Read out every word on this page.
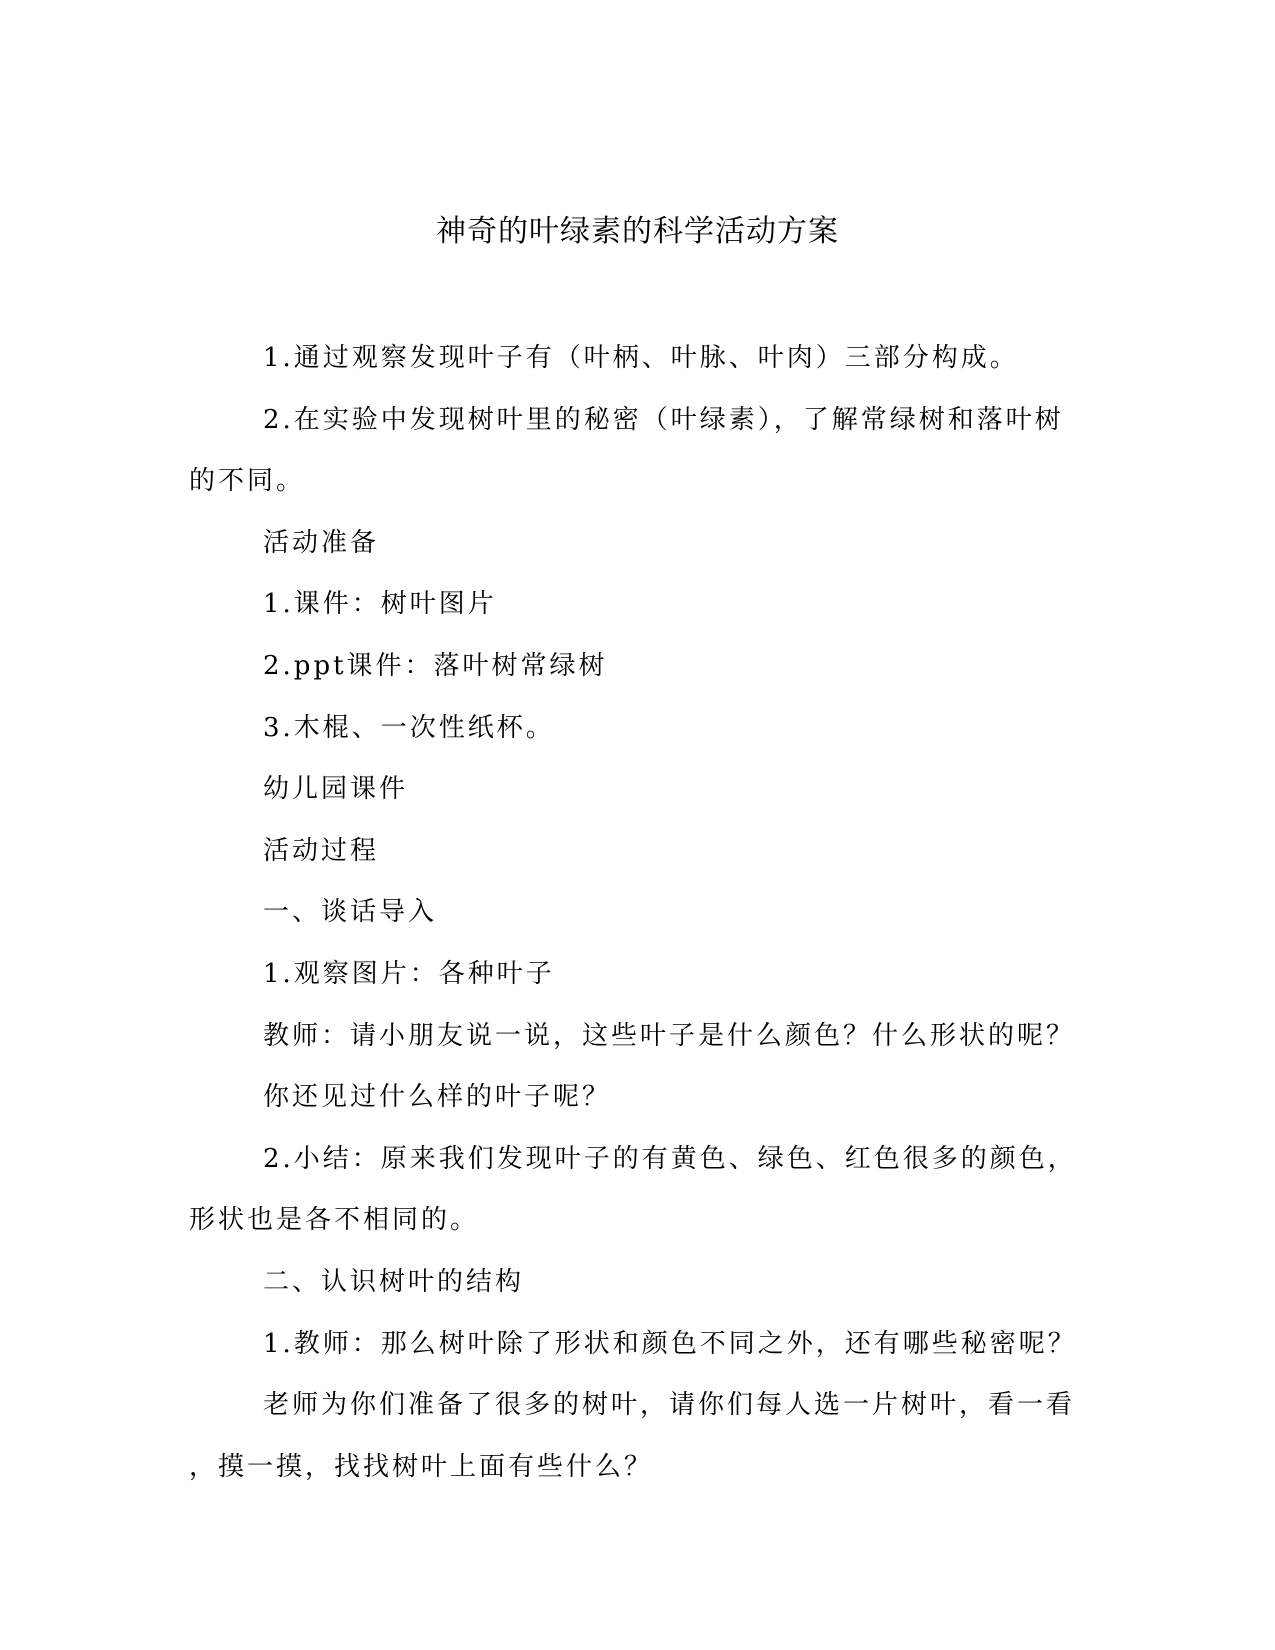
神奇的叶绿素的科学活动方案

1.通过观察发现叶子有（叶柄、叶脉、叶肉）三部分构成。

2.在实验中发现树叶里的秘密（叶绿素），了解常绿树和落叶树

的不同。

活动准备

1.课件：树叶图片

2.ppt课件：落叶树常绿树

3.木棍、一次性纸杯。

幼儿园课件

活动过程

一、谈话导入

1.观察图片：各种叶子

教师：请小朋友说一说，这些叶子是什么颜色？什么形状的呢？

你还见过什么样的叶子呢？

2.小结：原来我们发现叶子的有黄色、绿色、红色很多的颜色，

形状也是各不相同的。

二、认识树叶的结构

1.教师：那么树叶除了形状和颜色不同之外，还有哪些秘密呢？

老师为你们准备了很多的树叶，请你们每人选一片树叶，看一看

，摸一摸，找找树叶上面有些什么？
